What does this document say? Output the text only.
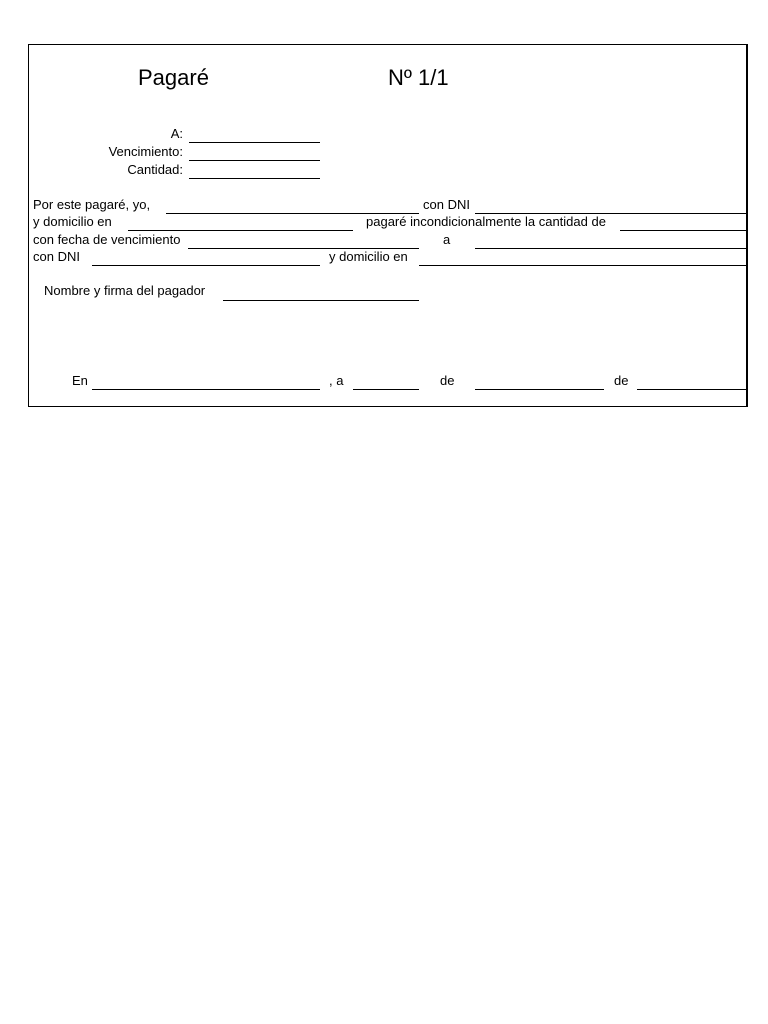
Pagaré	Nº 1/1
A:
Vencimiento:
Cantidad:
Por este pagaré, yo,	con DNI
y domicilio en	pagaré incondicionalmente la cantidad de
con fecha de vencimiento	a
con DNI	y domicilio en
Nombre y firma del pagador
En	, a	de	de
